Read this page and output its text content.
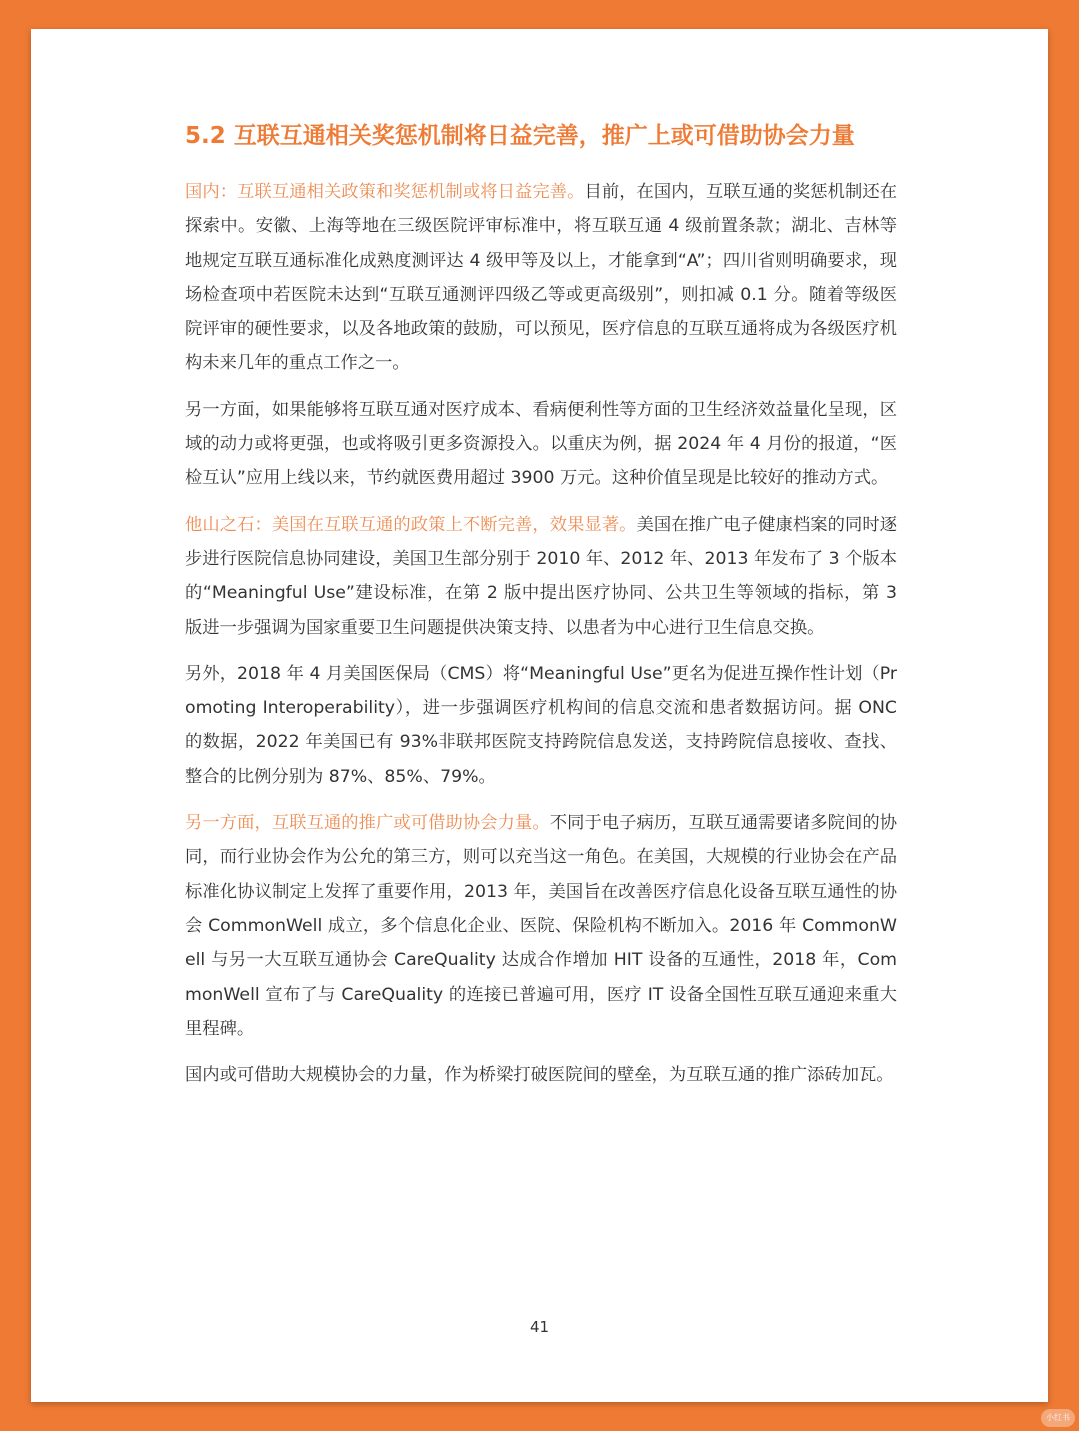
5.2 互联互通相关奖惩机制将日益完善，推广上或可借助协会力量

国内：互联互通相关政策和奖惩机制或将日益完善。目前，在国内，互联互通的奖惩机制还在探索中。安徽、上海等地在三级医院评审标准中，将互联互通 4 级前置条款；湖北、吉林等地规定互联互通标准化成熟度测评达 4 级甲等及以上，才能拿到“A”；四川省则明确要求，现场检查项中若医院未达到“互联互通测评四级乙等或更高级别”，则扣减 0.1 分。随着等级医院评审的硬性要求，以及各地政策的鼓励，可以预见，医疗信息的互联互通将成为各级医疗机构未来几年的重点工作之一。

另一方面，如果能够将互联互通对医疗成本、看病便利性等方面的卫生经济效益量化呈现，区域的动力或将更强，也或将吸引更多资源投入。以重庆为例，据 2024 年 4 月份的报道，“医检互认”应用上线以来，节约就医费用超过 3900 万元。这种价值呈现是比较好的推动方式。

他山之石：美国在互联互通的政策上不断完善，效果显著。美国在推广电子健康档案的同时逐步进行医院信息协同建设，美国卫生部分别于 2010 年、2012 年、2013 年发布了 3 个版本的“Meaningful Use”建设标准，在第 2 版中提出医疗协同、公共卫生等领域的指标，第 3 版进一步强调为国家重要卫生问题提供决策支持、以患者为中心进行卫生信息交换。

另外，2018 年 4 月美国医保局（CMS）将“Meaningful Use”更名为促进互操作性计划（Promoting Interoperability），进一步强调医疗机构间的信息交流和患者数据访问。据 ONC 的数据，2022 年美国已有 93%非联邦医院支持跨院信息发送，支持跨院信息接收、查找、整合的比例分别为 87%、85%、79%。

另一方面，互联互通的推广或可借助协会力量。不同于电子病历，互联互通需要诸多院间的协同，而行业协会作为公允的第三方，则可以充当这一角色。在美国，大规模的行业协会在产品标准化协议制定上发挥了重要作用，2013 年，美国旨在改善医疗信息化设备互联互通性的协会 CommonWell 成立，多个信息化企业、医院、保险机构不断加入。2016 年 CommonWell 与另一大互联互通协会 CareQuality 达成合作增加 HIT 设备的互通性，2018 年，CommonWell 宣布了与 CareQuality 的连接已普遍可用，医疗 IT 设备全国性互联互通迎来重大里程碑。

国内或可借助大规模协会的力量，作为桥梁打破医院间的壁垒，为互联互通的推广添砖加瓦。

41
小红书
